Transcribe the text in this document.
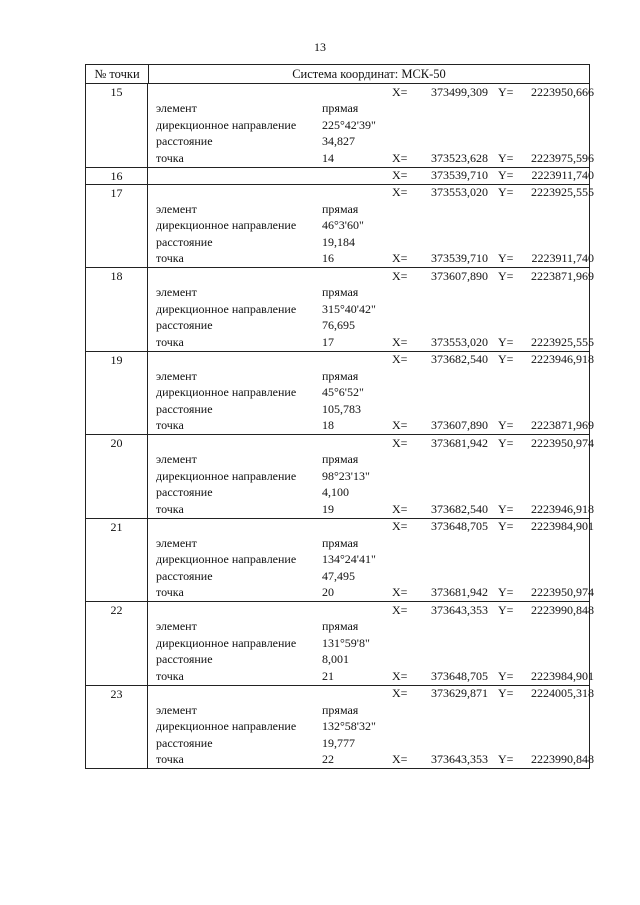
13
№ точки	Система координат: МСК-50
15	X=	373499,309 Y=	2223950,666
элемент	прямая
дирекционное направление 225°42'39"
расстояние	34,827
точка	14	X=	373523,628 Y=	2223975,596
16	X=	373539,710 Y=	2223911,740
17	X=	373553,020 Y=	2223925,555
элемент	прямая
дирекционное направление 46°3'60"
расстояние	19,184
точка	16	X=	373539,710 Y=	2223911,740
18	X=	373607,890 Y=	2223871,969
элемент	прямая
дирекционное направление 315°40'42"
расстояние	76,695
точка	17	X=	373553,020 Y=	2223925,555
19	X=	373682,540 Y=	2223946,918
элемент	прямая
дирекционное направление 45°6'52"
расстояние	105,783
точка	18	X=	373607,890 Y=	2223871,969
20	X=	373681,942 Y=	2223950,974
элемент	прямая
дирекционное направление 98°23'13"
расстояние	4,100
точка	19	X=	373682,540 Y=	2223946,918
21	X=	373648,705 Y=	2223984,901
элемент	прямая
дирекционное направление 134°24'41"
расстояние	47,495
точка	20	X=	373681,942 Y=	2223950,974
22	X=	373643,353 Y=	2223990,848
элемент	прямая
дирекционное направление 131°59'8"
расстояние	8,001
точка	21	X=	373648,705 Y=	2223984,901
23	X=	373629,871 Y=	2224005,318
элемент	прямая
дирекционное направление 132°58'32"
расстояние	19,777
точка	22	X=	373643,353 Y=	2223990,848
